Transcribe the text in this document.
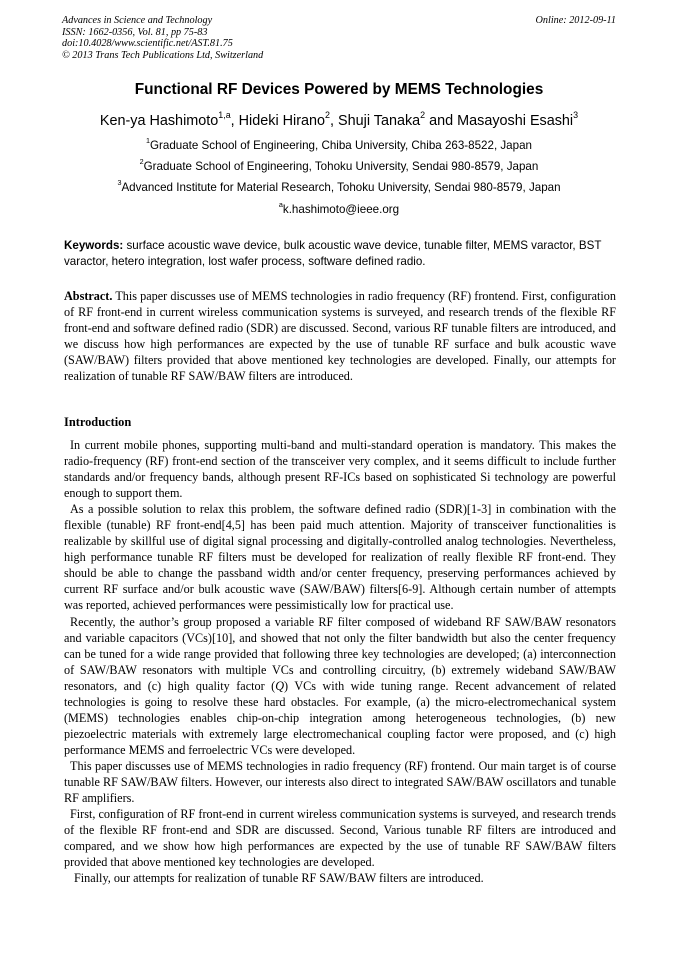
Advances in Science and Technology
ISSN: 1662-0356, Vol. 81, pp 75-83
doi:10.4028/www.scientific.net/AST.81.75
© 2013 Trans Tech Publications Ltd, Switzerland
Online: 2012-09-11
Functional RF Devices Powered by MEMS Technologies
Ken-ya Hashimoto$^{1,a}$, Hideki Hirano$^2$, Shuji Tanaka$^2$ and Masayoshi Esashi$^3$
$^1$Graduate School of Engineering, Chiba University, Chiba 263-8522, Japan
$^2$Graduate School of Engineering, Tohoku University, Sendai 980-8579, Japan
$^3$Advanced Institute for Material Research, Tohoku University, Sendai 980-8579, Japan
$^a$k.hashimoto@ieee.org
Keywords: surface acoustic wave device, bulk acoustic wave device, tunable filter, MEMS varactor, BST varactor, hetero integration, lost wafer process, software defined radio.
Abstract. This paper discusses use of MEMS technologies in radio frequency (RF) frontend. First, configuration of RF front-end in current wireless communication systems is surveyed, and research trends of the flexible RF front-end and software defined radio (SDR) are discussed. Second, various RF tunable filters are introduced, and we discuss how high performances are expected by the use of tunable RF surface and bulk acoustic wave (SAW/BAW) filters provided that above mentioned key technologies are developed. Finally, our attempts for realization of tunable RF SAW/BAW filters are introduced.
Introduction

In current mobile phones, supporting multi-band and multi-standard operation is mandatory. This makes the radio-frequency (RF) front-end section of the transceiver very complex, and it seems difficult to include further standards and/or frequency bands, although present RF-ICs based on sophisticated Si technology are powerful enough to support them.

As a possible solution to relax this problem, the software defined radio (SDR)[1-3] in combination with the flexible (tunable) RF front-end[4,5] has been paid much attention. Majority of transceiver functionalities is realizable by skillful use of digital signal processing and digitally-controlled analog technologies. Nevertheless, high performance tunable RF filters must be developed for realization of really flexible RF front-end. They should be able to change the passband width and/or center frequency, preserving performances achieved by current RF surface and/or bulk acoustic wave (SAW/BAW) filters[6-9]. Although certain number of attempts was reported, achieved performances were pessimistically low for practical use.

Recently, the author’s group proposed a variable RF filter composed of wideband RF SAW/BAW resonators and variable capacitors (VCs)[10], and showed that not only the filter bandwidth but also the center frequency can be tuned for a wide range provided that following three key technologies are developed; (a) interconnection of SAW/BAW resonators with multiple VCs and controlling circuitry, (b) extremely wideband SAW/BAW resonators, and (c) high quality factor (Q) VCs with wide tuning range. Recent advancement of related technologies is going to resolve these hard obstacles. For example, (a) the micro-electromechanical system (MEMS) technologies enables chip-on-chip integration among heterogeneous technologies, (b) new piezoelectric materials with extremely large electromechanical coupling factor were proposed, and (c) high performance MEMS and ferroelectric VCs were developed.

This paper discusses use of MEMS technologies in radio frequency (RF) frontend. Our main target is of course tunable RF SAW/BAW filters. However, our interests also direct to integrated SAW/BAW oscillators and tunable RF amplifiers.

First, configuration of RF front-end in current wireless communication systems is surveyed, and research trends of the flexible RF front-end and SDR are discussed. Second, Various tunable RF filters are introduced and compared, and we show how high performances are expected by the use of tunable RF SAW/BAW filters provided that above mentioned key technologies are developed.

Finally, our attempts for realization of tunable RF SAW/BAW filters are introduced.
